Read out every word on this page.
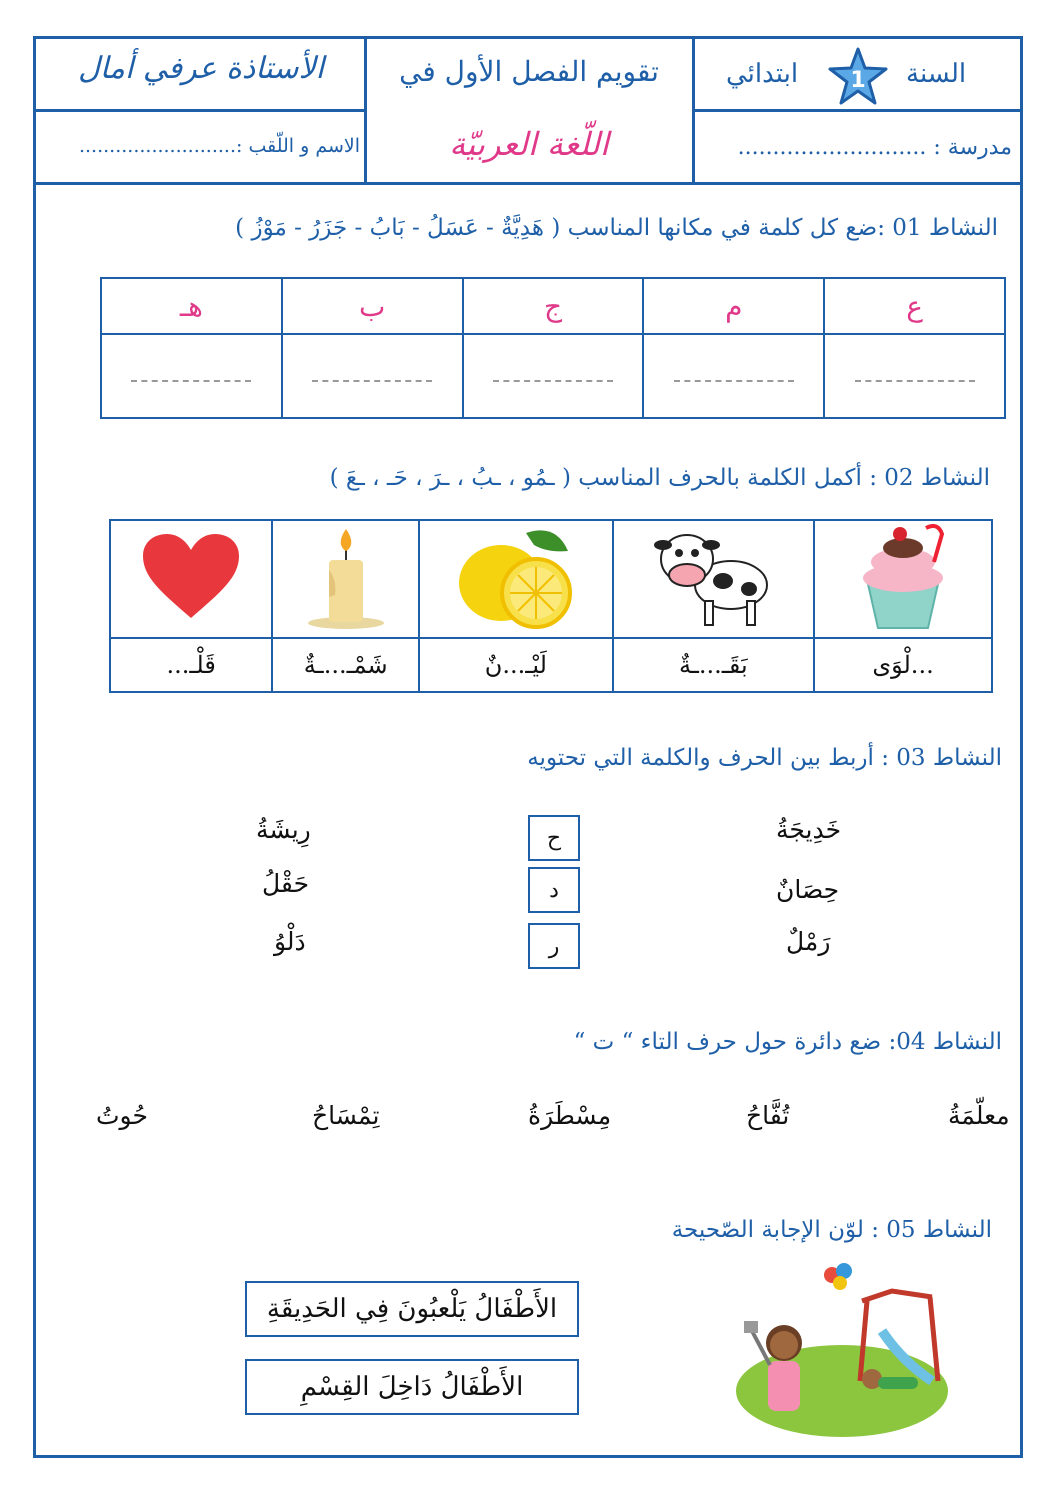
الأستاذة عرفي أمال
الاسم و اللّقب :..........................
تقويم الفصل الأول في
اللّغة العربيّة
السنة
1
ابتدائي
مدرسة : ...........................
النشاط 01 :ضع كل كلمة في مكانها المناسب ( هَدِيَّةٌ - عَسَلُ - بَابُ - جَزَرُ - مَوْزُ )
هـ	ب	ج	م	ع

النشاط 02 : أكمل الكلمة بالحرف المناسب ( ـمُو ، ـبُ ، ـرَ ، حَـ ، ـعَ )

قَلْـ...	شَمْـ...ـةٌ	لَيْـ...نٌ	بَقَـ...ـةٌ	...لْوَى
النشاط 03 : أربط بين الحرف والكلمة التي تحتويه
خَدِيجَةُ
حِصَانٌ
رَمْلٌ
ح
د
ر
رِيشَةُ
حَقْلُ
دَلْوُ
النشاط 04: ضع دائرة حول حرف التاء “ ت “
معلّمَةُ
تُفَّاحُ
مِسْطَرَةُ
تِمْسَاحُ
حُوتُ
النشاط 05 : لوّن الإجابة الصّحيحة
الأَطْفَالُ يَلْعبُونَ فِي الحَدِيقَةِ
الأَطْفَالُ دَاخِلَ القِسْمِ
